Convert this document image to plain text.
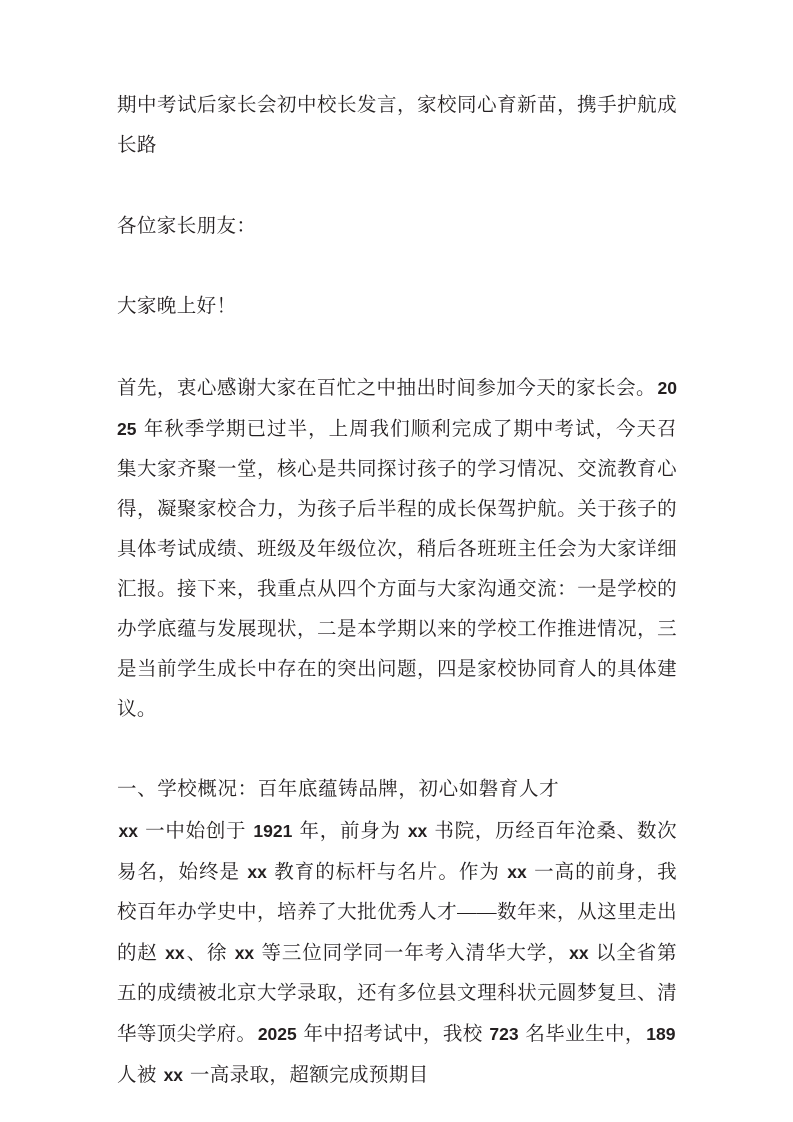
期中考试后家长会初中校长发言，家校同心育新苗，携手护航成长路

各位家长朋友：

大家晚上好！

首先，衷心感谢大家在百忙之中抽出时间参加今天的家长会。2025 年秋季学期已过半，上周我们顺利完成了期中考试，今天召集大家齐聚一堂，核心是共同探讨孩子的学习情况、交流教育心得，凝聚家校合力，为孩子后半程的成长保驾护航。关于孩子的具体考试成绩、班级及年级位次，稍后各班班主任会为大家详细汇报。接下来，我重点从四个方面与大家沟通交流：一是学校的办学底蕴与发展现状，二是本学期以来的学校工作推进情况，三是当前学生成长中存在的突出问题，四是家校协同育人的具体建议。

一、学校概况：百年底蕴铸品牌，初心如磐育人才

xx 一中始创于 1921 年，前身为 xx 书院，历经百年沧桑、数次易名，始终是 xx 教育的标杆与名片。作为 xx 一高的前身，我校百年办学史中，培养了大批优秀人才——数年来，从这里走出的赵 xx、徐 xx 等三位同学同一年考入清华大学，xx 以全省第五的成绩被北京大学录取，还有多位县文理科状元圆梦复旦、清华等顶尖学府。2025 年中招考试中，我校 723 名毕业生中，189 人被 xx 一高录取，超额完成预期目
